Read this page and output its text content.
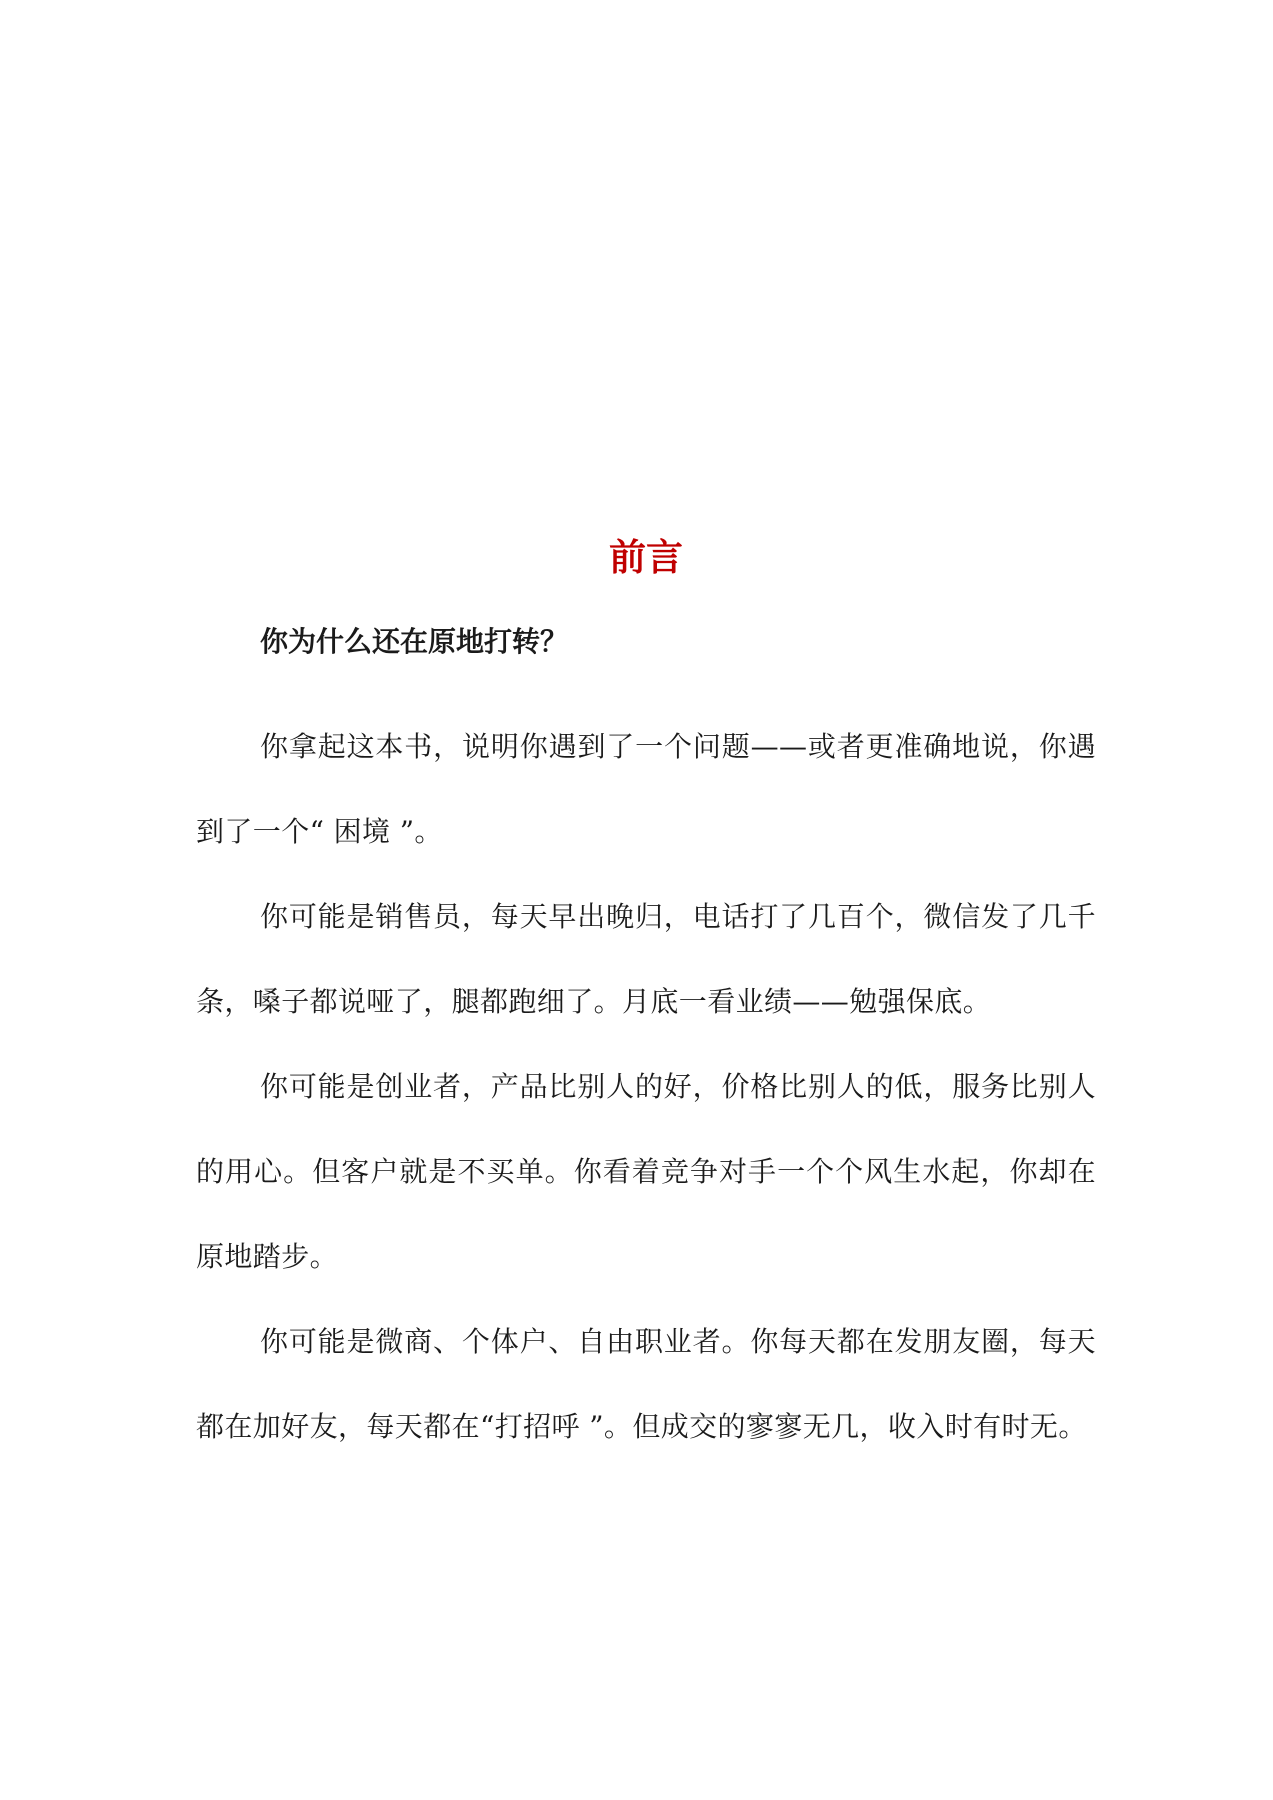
前言
你为什么还在原地打转？

你拿起这本书，说明你遇到了一个问题——或者更准确地说，你遇到了一个“ 困境 ”。

你可能是销售员，每天早出晚归，电话打了几百个，微信发了几千条，嗓子都说哑了，腿都跑细了。月底一看业绩——勉强保底。

你可能是创业者，产品比别人的好，价格比别人的低，服务比别人的用心。但客户就是不买单。你看着竞争对手一个个风生水起，你却在原地踏步。

你可能是微商、个体户、自由职业者。你每天都在发朋友圈，每天都在加好友，每天都在“打招呼 ”。但成交的寥寥无几，收入时有时无。
